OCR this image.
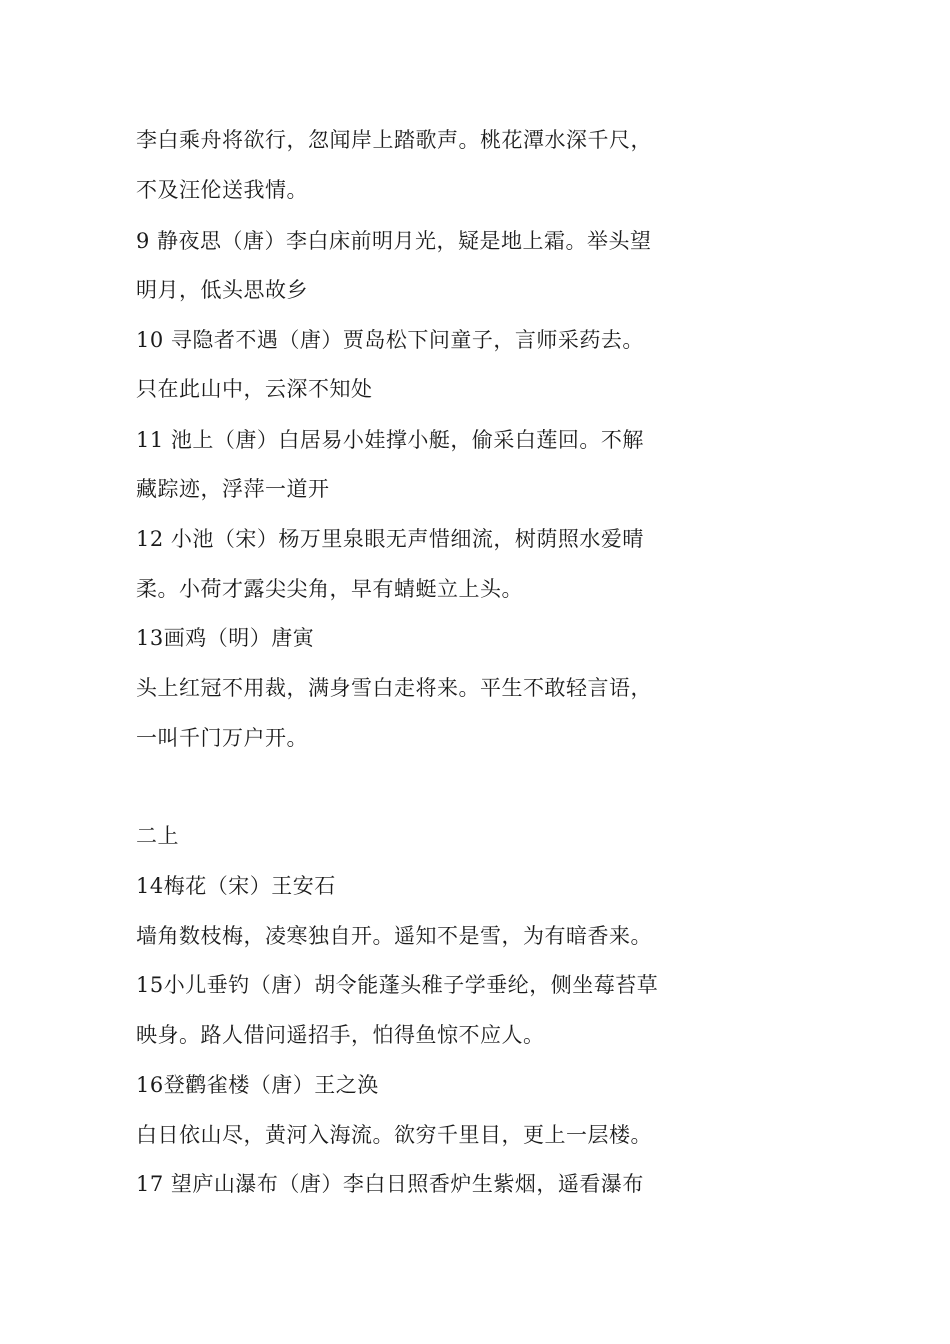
李白乘舟将欲行，忽闻岸上踏歌声。桃花潭水深千尺，
不及汪伦送我情。
9 静夜思（唐）李白床前明月光，疑是地上霜。举头望
明月，低头思故乡
10 寻隐者不遇（唐）贾岛松下问童子，言师采药去。
只在此山中，云深不知处
11 池上（唐）白居易小娃撑小艇，偷采白莲回。不解
藏踪迹，浮萍一道开
12 小池（宋）杨万里泉眼无声惜细流，树荫照水爱晴
柔。小荷才露尖尖角，早有蜻蜓立上头。
13画鸡（明）唐寅
头上红冠不用裁，满身雪白走将来。平生不敢轻言语，
一叫千门万户开。
二上
14梅花（宋）王安石
墙角数枝梅，凌寒独自开。遥知不是雪，为有暗香来。
15小儿垂钓（唐）胡令能蓬头稚子学垂纶，侧坐莓苔草
映身。路人借问遥招手，怕得鱼惊不应人。
16登鹳雀楼（唐）王之涣
白日依山尽，黄河入海流。欲穷千里目，更上一层楼。
17 望庐山瀑布（唐）李白日照香炉生紫烟，遥看瀑布
